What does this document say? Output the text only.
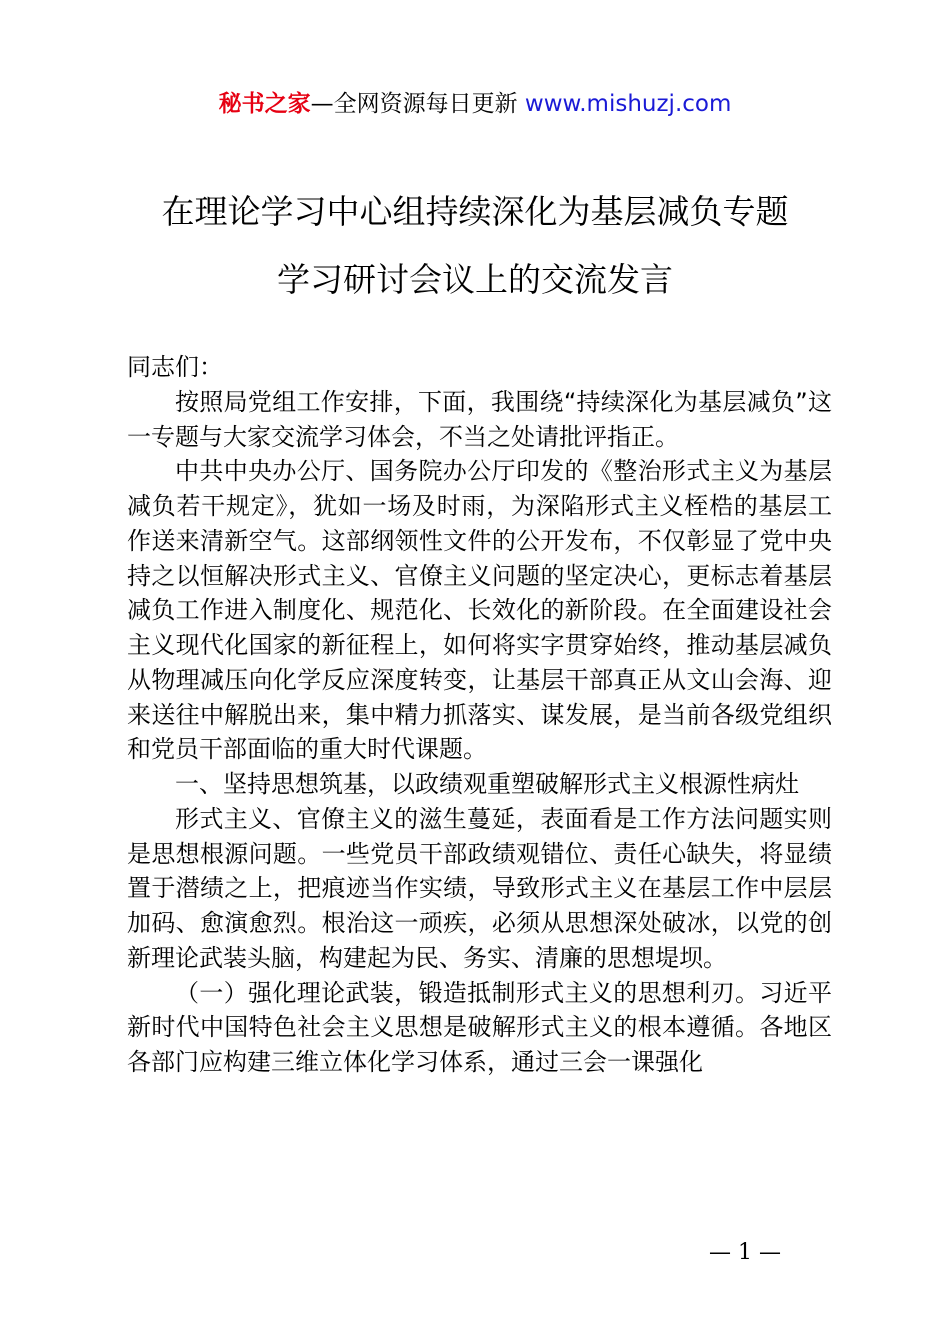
秘书之家—全网资源每日更新 www.mishuzj.com
在理论学习中心组持续深化为基层减负专题
学习研讨会议上的交流发言

同志们：

按照局党组工作安排，下面，我围绕“持续深化为基层减负”这一专题与大家交流学习体会，不当之处请批评指正。

中共中央办公厅、国务院办公厅印发的《整治形式主义为基层减负若干规定》，犹如一场及时雨，为深陷形式主义桎梏的基层工作送来清新空气。这部纲领性文件的公开发布，不仅彰显了党中央持之以恒解决形式主义、官僚主义问题的坚定决心，更标志着基层减负工作进入制度化、规范化、长效化的新阶段。在全面建设社会主义现代化国家的新征程上，如何将实字贯穿始终，推动基层减负从物理减压向化学反应深度转变，让基层干部真正从文山会海、迎来送往中解脱出来，集中精力抓落实、谋发展，是当前各级党组织和党员干部面临的重大时代课题。

一、坚持思想筑基，以政绩观重塑破解形式主义根源性病灶

形式主义、官僚主义的滋生蔓延，表面看是工作方法问题实则是思想根源问题。一些党员干部政绩观错位、责任心缺失，将显绩置于潜绩之上，把痕迹当作实绩，导致形式主义在基层工作中层层加码、愈演愈烈。根治这一顽疾，必须从思想深处破冰，以党的创新理论武装头脑，构建起为民、务实、清廉的思想堤坝。

（一）强化理论武装，锻造抵制形式主义的思想利刃。习近平新时代中国特色社会主义思想是破解形式主义的根本遵循。各地区各部门应构建三维立体化学习体系，通过三会一课强化

— 1 —
